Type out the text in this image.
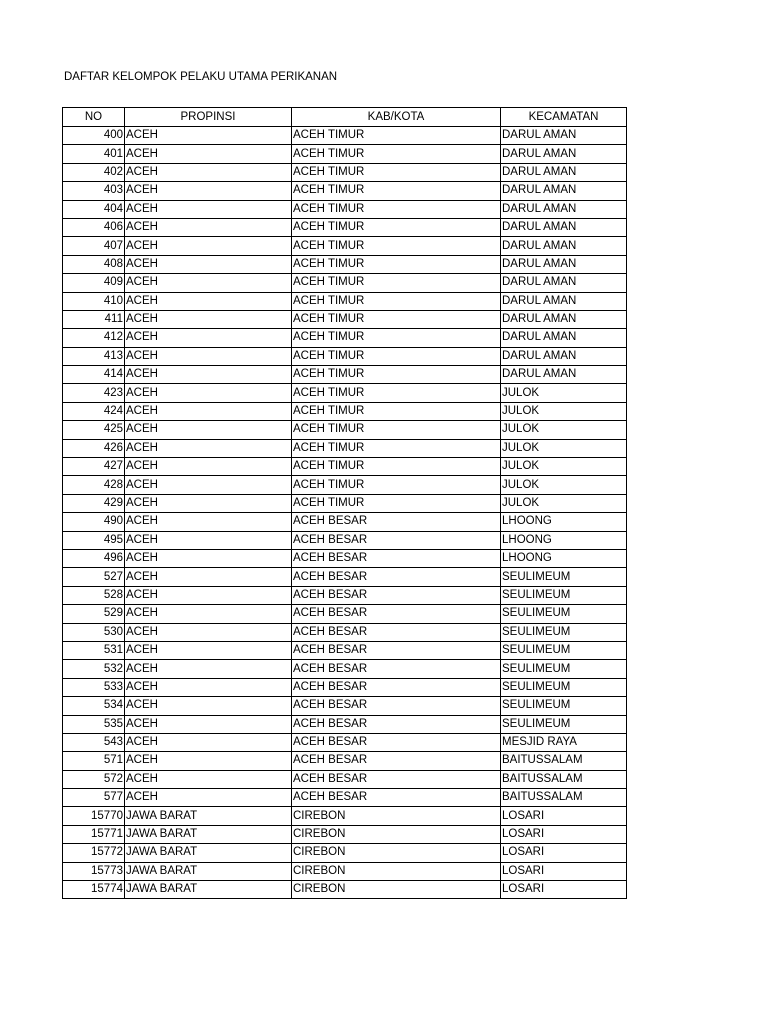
DAFTAR KELOMPOK PELAKU UTAMA PERIKANAN
NO	PROPINSI	KAB/KOTA	KECAMATAN
400	ACEH	ACEH TIMUR	DARUL AMAN
401	ACEH	ACEH TIMUR	DARUL AMAN
402	ACEH	ACEH TIMUR	DARUL AMAN
403	ACEH	ACEH TIMUR	DARUL AMAN
404	ACEH	ACEH TIMUR	DARUL AMAN
406	ACEH	ACEH TIMUR	DARUL AMAN
407	ACEH	ACEH TIMUR	DARUL AMAN
408	ACEH	ACEH TIMUR	DARUL AMAN
409	ACEH	ACEH TIMUR	DARUL AMAN
410	ACEH	ACEH TIMUR	DARUL AMAN
411	ACEH	ACEH TIMUR	DARUL AMAN
412	ACEH	ACEH TIMUR	DARUL AMAN
413	ACEH	ACEH TIMUR	DARUL AMAN
414	ACEH	ACEH TIMUR	DARUL AMAN
423	ACEH	ACEH TIMUR	JULOK
424	ACEH	ACEH TIMUR	JULOK
425	ACEH	ACEH TIMUR	JULOK
426	ACEH	ACEH TIMUR	JULOK
427	ACEH	ACEH TIMUR	JULOK
428	ACEH	ACEH TIMUR	JULOK
429	ACEH	ACEH TIMUR	JULOK
490	ACEH	ACEH BESAR	LHOONG
495	ACEH	ACEH BESAR	LHOONG
496	ACEH	ACEH BESAR	LHOONG
527	ACEH	ACEH BESAR	SEULIMEUM
528	ACEH	ACEH BESAR	SEULIMEUM
529	ACEH	ACEH BESAR	SEULIMEUM
530	ACEH	ACEH BESAR	SEULIMEUM
531	ACEH	ACEH BESAR	SEULIMEUM
532	ACEH	ACEH BESAR	SEULIMEUM
533	ACEH	ACEH BESAR	SEULIMEUM
534	ACEH	ACEH BESAR	SEULIMEUM
535	ACEH	ACEH BESAR	SEULIMEUM
543	ACEH	ACEH BESAR	MESJID RAYA
571	ACEH	ACEH BESAR	BAITUSSALAM
572	ACEH	ACEH BESAR	BAITUSSALAM
577	ACEH	ACEH BESAR	BAITUSSALAM
15770	JAWA BARAT	CIREBON	LOSARI
15771	JAWA BARAT	CIREBON	LOSARI
15772	JAWA BARAT	CIREBON	LOSARI
15773	JAWA BARAT	CIREBON	LOSARI
15774	JAWA BARAT	CIREBON	LOSARI
